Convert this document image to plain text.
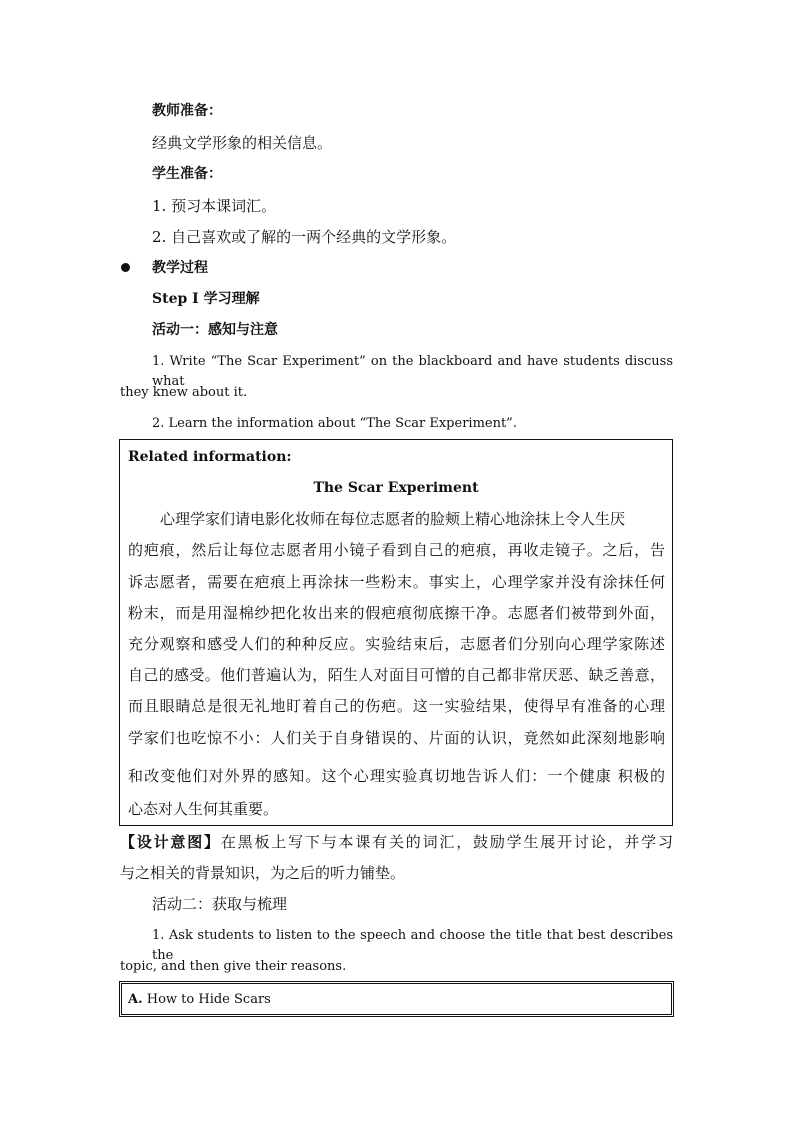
教师准备：
经典文学形象的相关信息。
学生准备：
1. 预习本课词汇。
2. 自己喜欢或了解的一两个经典的文学形象。
教学过程
Step I 学习理解
活动一：感知与注意
1. Write “The Scar Experiment” on the blackboard and have students discuss what
they knew about it.
2. Learn the information about “The Scar Experiment”.
Related information:
The Scar Experiment
心理学家们请电影化妆师在每位志愿者的脸颊上精心地涂抹上令人生厌
的疤痕，然后让每位志愿者用小镜子看到自己的疤痕，再收走镜子。之后，告
诉志愿者，需要在疤痕上再涂抹一些粉末。事实上，心理学家并没有涂抹任何
粉末，而是用湿棉纱把化妆出来的假疤痕彻底擦干净。志愿者们被带到外面，
充分观察和感受人们的种种反应。实验结束后，志愿者们分别向心理学家陈述
自己的感受。他们普遍认为，陌生人对面目可憎的自己都非常厌恶、缺乏善意，
而且眼睛总是很无礼地盯着自己的伤疤。这一实验结果，使得早有准备的心理
学家们也吃惊不小：人们关于自身错误的、片面的认识，竟然如此深刻地影响
和改变他们对外界的感知。这个心理实验真切地告诉人们：一个健康 积极的
心态对人生何其重要。
【设计意图】在黑板上写下与本课有关的词汇，鼓励学生展开讨论，并学习
与之相关的背景知识，为之后的听力铺垫。
活动二：获取与梳理
1. Ask students to listen to the speech and choose the title that best describes the
topic, and then give their reasons.
A. How to Hide Scars
